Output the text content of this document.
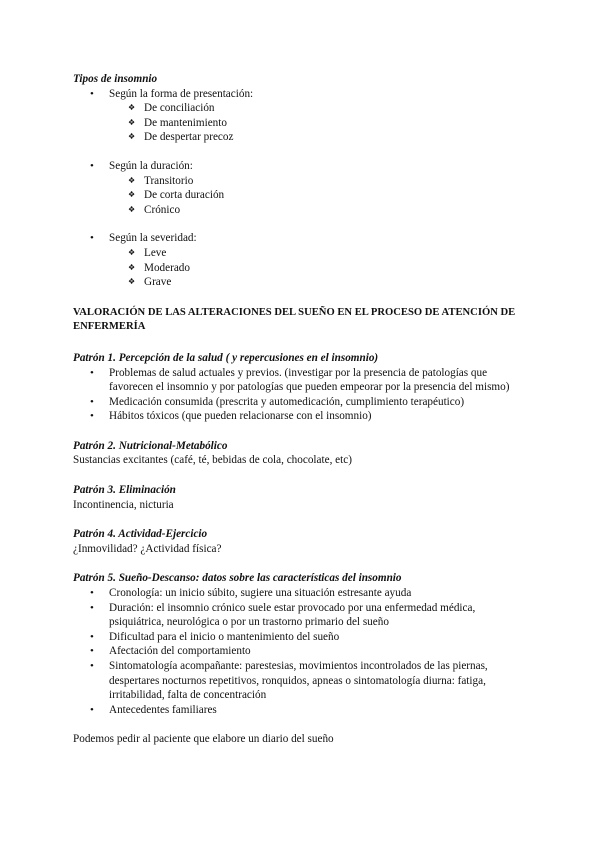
Tipos de insomnio
• Según la forma de presentación:
❖ De conciliación
❖ De mantenimiento
❖ De despertar precoz
• Según la duración:
❖ Transitorio
❖ De corta duración
❖ Crónico
• Según la severidad:
❖ Leve
❖ Moderado
❖ Grave
VALORACIÓN DE LAS ALTERACIONES DEL SUEÑO EN EL PROCESO DE ATENCIÓN DE ENFERMERÍA
Patrón 1. Percepción de la salud ( y repercusiones en el insomnio)
• Problemas de salud actuales y previos. (investigar por la presencia de patologías que favorecen el insomnio y por patologías que pueden empeorar por la presencia del mismo)
• Medicación consumida (prescrita y automedicación, cumplimiento terapéutico)
• Hábitos tóxicos (que pueden relacionarse con el insomnio)
Patrón 2. Nutricional-Metabólico
Sustancias excitantes (café, té, bebidas de cola, chocolate, etc)
Patrón 3. Eliminación
Incontinencia, nicturia
Patrón 4. Actividad-Ejercicio
¿Inmovilidad? ¿Actividad física?
Patrón 5. Sueño-Descanso: datos sobre las características del insomnio
• Cronología: un inicio súbito, sugiere una situación estresante ayuda
• Duración: el insomnio crónico suele estar provocado por una enfermedad médica, psiquiátrica, neurológica o por un trastorno primario del sueño
• Dificultad para el inicio o mantenimiento del sueño
• Afectación del comportamiento
• Sintomatología acompañante: parestesias, movimientos incontrolados de las piernas, despertares nocturnos repetitivos, ronquidos, apneas o sintomatología diurna: fatiga, irritabilidad, falta de concentración
• Antecedentes familiares
Podemos pedir al paciente que elabore un diario del sueño
